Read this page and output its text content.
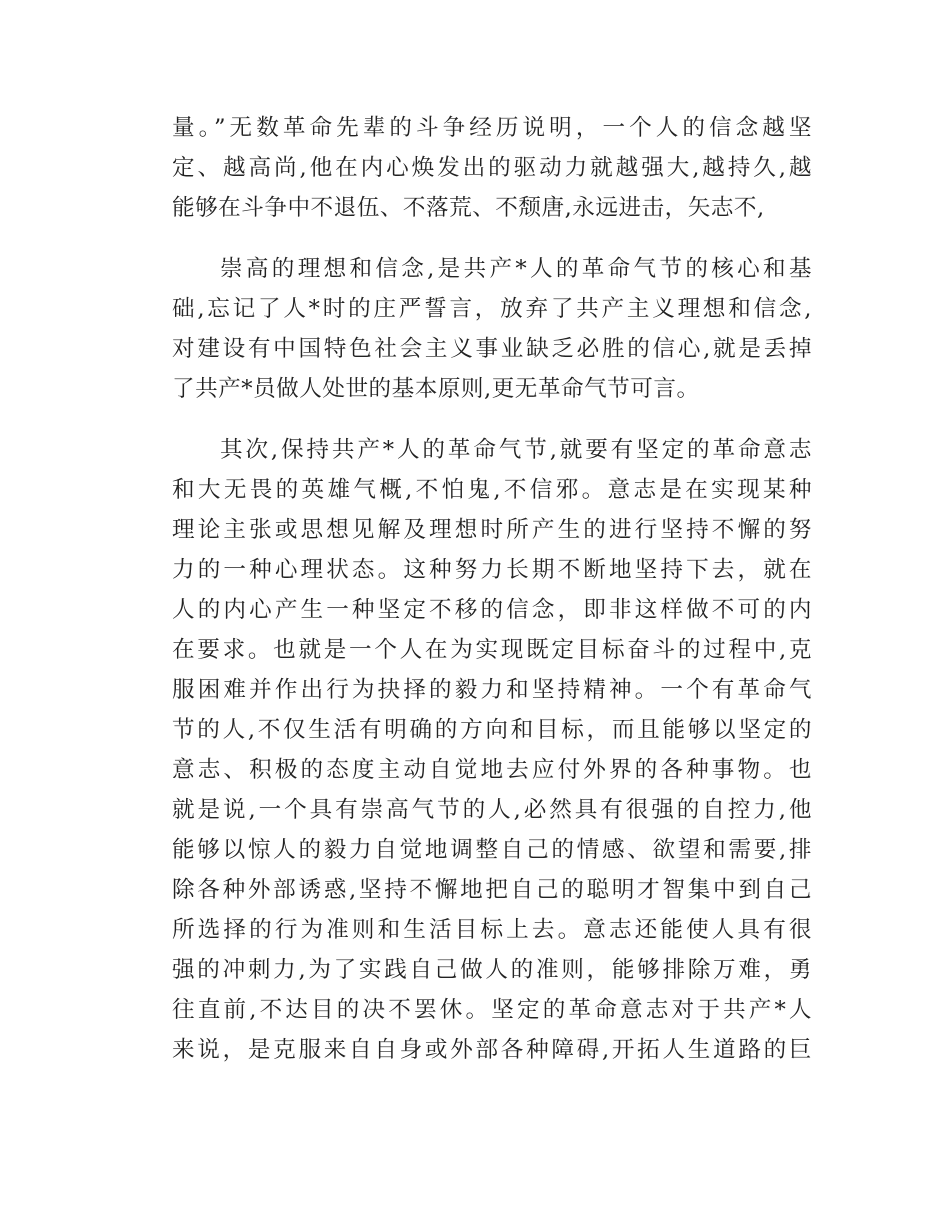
量。”无数革命先辈的斗争经历说明，一个人的信念越坚
定、越高尚,他在内心焕发出的驱动力就越强大,越持久,越
能够在斗争中不退伍、不落荒、不颓唐,永远进击，矢志不,
崇高的理想和信念,是共产*人的革命气节的核心和基
础,忘记了人*时的庄严誓言，放弃了共产主义理想和信念,
对建设有中国特色社会主义事业缺乏必胜的信心,就是丢掉
了共产*员做人处世的基本原则,更无革命气节可言。
其次,保持共产*人的革命气节,就要有坚定的革命意志
和大无畏的英雄气概,不怕鬼,不信邪。意志是在实现某种
理论主张或思想见解及理想时所产生的进行坚持不懈的努
力的一种心理状态。这种努力长期不断地坚持下去，就在
人的内心产生一种坚定不移的信念，即非这样做不可的内
在要求。也就是一个人在为实现既定目标奋斗的过程中,克
服困难并作出行为抉择的毅力和坚持精神。一个有革命气
节的人,不仅生活有明确的方向和目标，而且能够以坚定的
意志、积极的态度主动自觉地去应付外界的各种事物。也
就是说,一个具有崇高气节的人,必然具有很强的自控力,他
能够以惊人的毅力自觉地调整自己的情感、欲望和需要,排
除各种外部诱惑,坚持不懈地把自己的聪明才智集中到自己
所选择的行为准则和生活目标上去。意志还能使人具有很
强的冲刺力,为了实践自己做人的准则，能够排除万难，勇
往直前,不达目的决不罢休。坚定的革命意志对于共产*人
来说，是克服来自自身或外部各种障碍,开拓人生道路的巨
